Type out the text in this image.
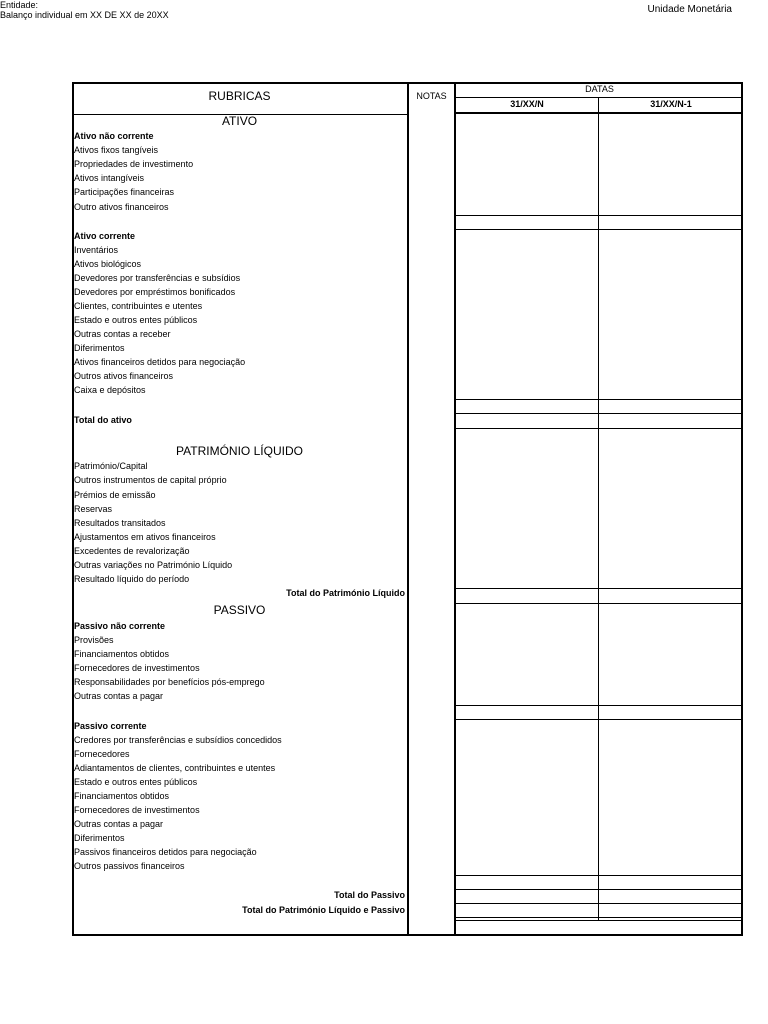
Entidade:
Balanço individual em XX DE XX de 20XX	Unidade Monetária
RUBRICAS	NOTAS
DATAS
31/XX/N	31/XX/N-1
ATIVO
Ativo não corrente
Ativos fixos tangíveis
Propriedades de investimento
Ativos intangíveis
Participações financeiras
Outro ativos financeiros
Ativo corrente
Inventários
Ativos biológicos
Devedores por transferências e subsídios
Devedores por empréstimos bonificados
Clientes, contribuintes e utentes
Estado e outros entes públicos
Outras contas a receber
Diferimentos
Ativos financeiros detidos para negociação
Outros ativos financeiros
Caixa e depósitos
Total do ativo
PATRIMÓNIO LÍQUIDO
Património/Capital
Outros instrumentos de capital próprio
Prémios de emissão
Reservas
Resultados transitados
Ajustamentos em ativos financeiros
Excedentes de revalorização
Outras variações no Património Líquido
Resultado líquido do período
Total do Património Líquido
PASSIVO
Passivo não corrente
Provisões
Financiamentos obtidos
Fornecedores de investimentos
Responsabilidades por benefícios pós-emprego
Outras contas a pagar
Passivo corrente
Credores por transferências e subsídios concedidos
Fornecedores
Adiantamentos de clientes, contribuintes e utentes
Estado e outros entes públicos
Financiamentos obtidos
Fornecedores de investimentos
Outras contas a pagar
Diferimentos
Passivos financeiros detidos para negociação
Outros passivos financeiros
Total do Passivo
Total do Património Líquido e Passivo
